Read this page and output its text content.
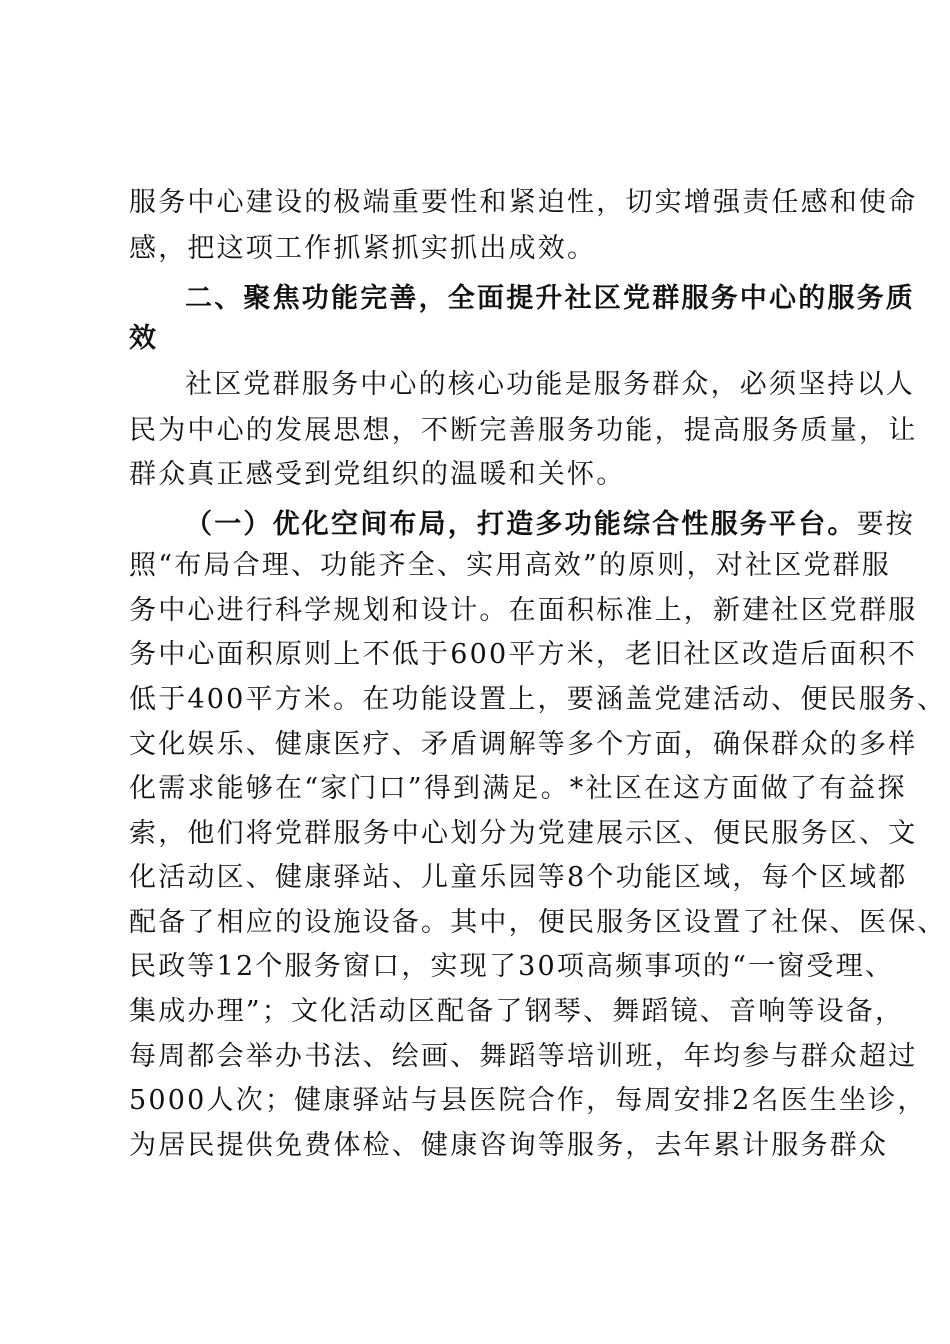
服务中心建设的极端重要性和紧迫性，切实增强责任感和使命
感，把这项工作抓紧抓实抓出成效。
二、聚焦功能完善，全面提升社区党群服务中心的服务质
效
社区党群服务中心的核心功能是服务群众，必须坚持以人
民为中心的发展思想，不断完善服务功能，提高服务质量，让
群众真正感受到党组织的温暖和关怀。
（一）优化空间布局，打造多功能综合性服务平台。要按
照“布局合理、功能齐全、实用高效”的原则，对社区党群服
务中心进行科学规划和设计。在面积标准上，新建社区党群服
务中心面积原则上不低于600平方米，老旧社区改造后面积不
低于400平方米。在功能设置上，要涵盖党建活动、便民服务、
文化娱乐、健康医疗、矛盾调解等多个方面，确保群众的多样
化需求能够在“家门口”得到满足。*社区在这方面做了有益探
索，他们将党群服务中心划分为党建展示区、便民服务区、文
化活动区、健康驿站、儿童乐园等8个功能区域，每个区域都
配备了相应的设施设备。其中，便民服务区设置了社保、医保、
民政等12个服务窗口，实现了30项高频事项的“一窗受理、
集成办理”；文化活动区配备了钢琴、舞蹈镜、音响等设备，
每周都会举办书法、绘画、舞蹈等培训班，年均参与群众超过
5000人次；健康驿站与县医院合作，每周安排2名医生坐诊，
为居民提供免费体检、健康咨询等服务，去年累计服务群众
